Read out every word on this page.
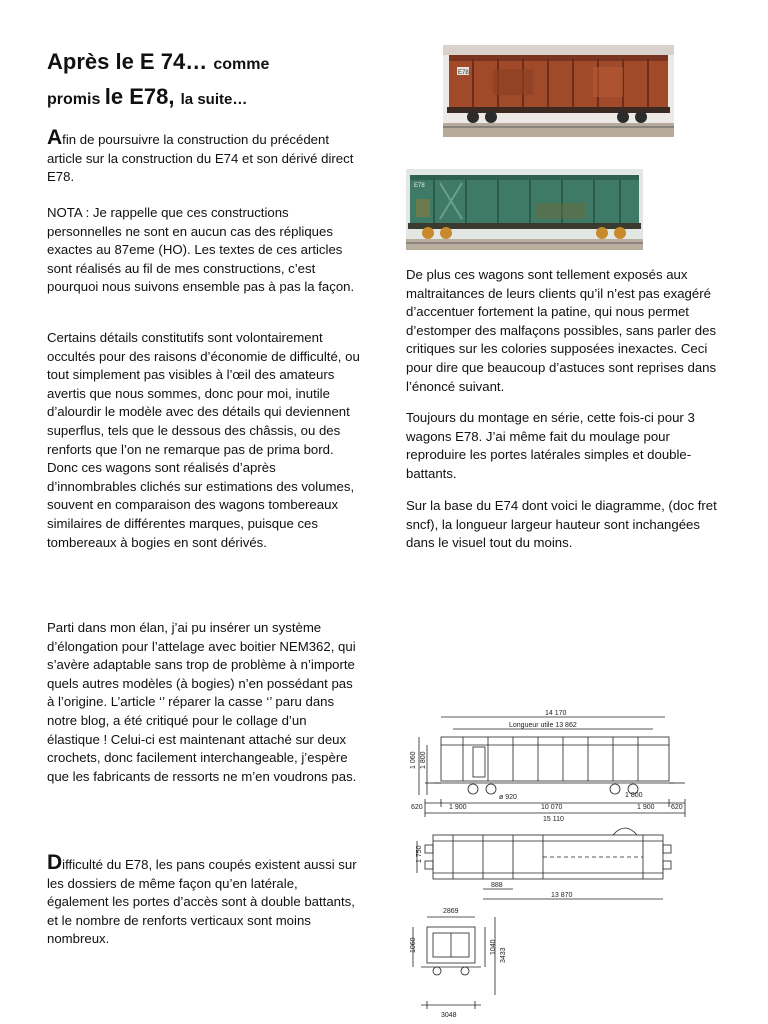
Après le E 74… comme
promis le E78, la suite…

Afin de poursuivre la construction du précédent article sur la construction du E74 et son dérivé direct E78.

NOTA : Je rappelle que ces constructions personnelles ne sont en aucun cas des répliques exactes au 87eme (HO). Les textes de ces articles sont réalisés au fil de mes constructions, c’est pourquoi nous suivons ensemble pas à pas la façon.

Certains détails constitutifs sont volontairement occultés pour des raisons d’économie de difficulté, ou tout simplement pas visibles à l’œil des amateurs avertis que nous sommes, donc pour moi, inutile d’alourdir le modèle avec des détails qui deviennent superflus, tels que le dessous des châssis, ou des renforts que l’on ne remarque pas de prima bord. Donc ces wagons sont réalisés d’après d’innombrables clichés sur estimations des volumes, souvent en comparaison des wagons tombereaux similaires de différentes marques, puisque ces tombereaux à bogies en sont dérivés.

Parti dans mon élan, j’ai pu insérer un système d’élongation pour l’attelage avec boitier NEM362, qui s’avère adaptable sans trop de problème à n’importe quels autres modèles (à bogies) n’en possédant pas à l’origine. L’article ‘’ réparer la casse ‘’ paru dans notre blog, a été critiqué pour le collage d’un élastique ! Celui-ci est maintenant attaché sur deux crochets, donc facilement interchangeable, j’espère que les fabricants de ressorts ne m’en voudrons pas.

Difficulté du E78, les pans coupés existent aussi sur les dossiers de même façon qu’en latérale, également les portes d’accès sont à double battants, et le nombre de renforts verticaux sont moins nombreux.

E78
E78

De plus ces wagons sont tellement exposés aux maltraitances de leurs clients qu’il n’est pas exagéré d’accentuer fortement la patine, qui nous permet d’estomper des malfaçons possibles, sans parler des critiques sur les colories supposées inexactes. Ceci pour dire que beaucoup d’astuces sont reprises dans l’énoncé suivant.

Toujours du montage en série, cette fois-ci pour 3 wagons E78. J’ai même fait du moulage pour reproduire les portes latérales simples et double-battants.

Sur la base du E74 dont voici le diagramme, (doc fret sncf), la longueur largeur hauteur sont inchangées dans le visuel tout du moins.

14 170
Longueur utile 13 862
1 060 1 800
ø 920	1 800
620	1 900	10 070	1 900 620
15 110
1 750
888
13 870
2869
1060	1040
3433
3048
